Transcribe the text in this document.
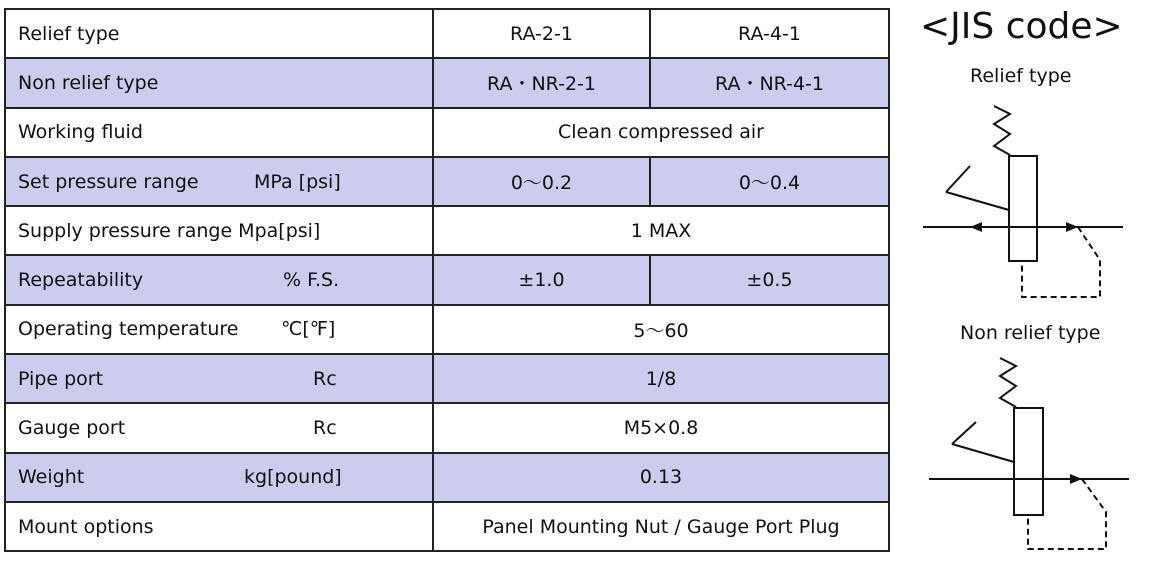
Relief type	RA-2-1	RA-4-1

Non relief type	RA・NR-2-1	RA・NR-4-1

Working fluid	Clean compressed air	

Set pressure range MPa [psi]	0～0.2	0～0.4

Supply pressure range Mpa[psi]	1 MAX	

Repeatability % F.S.	±1.0	±0.5

Operating temperature ℃[℉]	5～60	

Pipe port Rc	1/8	

Gauge port Rc	M5×0.8	

Weight kg[pound]	0.13	

Mount options	Panel Mounting Nut / Gauge Port Plug	
<JIS code>
Relief type
Non relief type
